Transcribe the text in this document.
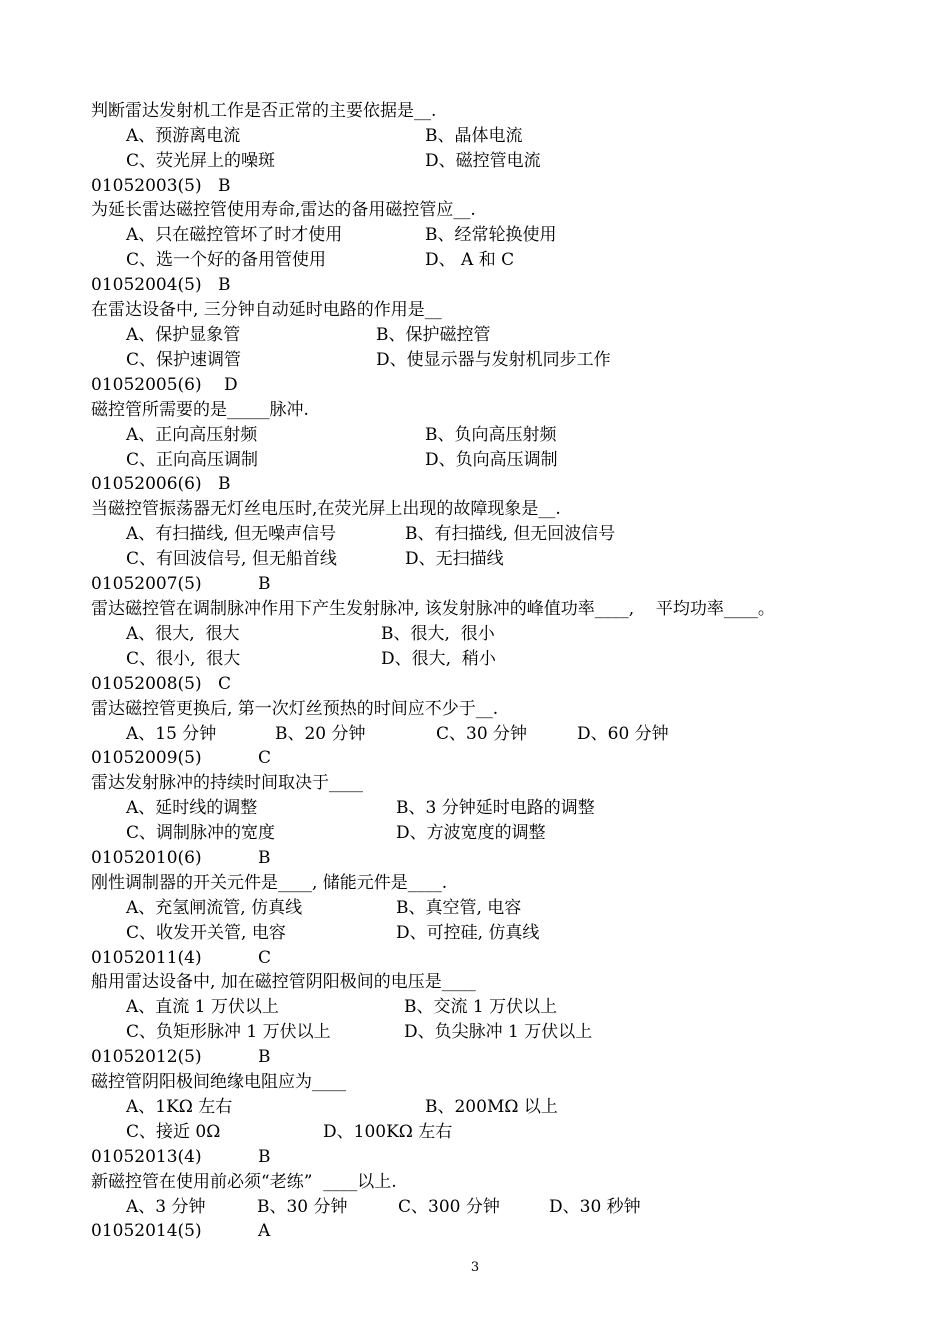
判断雷达发射机工作是否正常的主要依据是__.
A、预游离电流	B、晶体电流
C、荧光屏上的噪斑	D、磁控管电流
01052003(5) B
为延长雷达磁控管使用寿命,雷达的备用磁控管应__.
A、只在磁控管坏了时才使用	B、经常轮换使用
C、选一个好的备用管使用	D、 A 和 C
01052004(5) B
在雷达设备中, 三分钟自动延时电路的作用是__
A、保护显象管	B、保护磁控管
C、保护速调管	D、使显示器与发射机同步工作
01052005(6) D
磁控管所需要的是_____脉冲.
A、正向高压射频	B、负向高压射频
C、正向高压调制	D、负向高压调制
01052006(6) B
当磁控管振荡器无灯丝电压时,在荧光屏上出现的故障现象是__.
A、有扫描线, 但无噪声信号	B、有扫描线, 但无回波信号
C、有回波信号, 但无船首线	D、无扫描线
01052007(5)	B
雷达磁控管在调制脉冲作用下产生发射脉冲, 该发射脉冲的峰值功率____,    平均功率____。
A、很大,  很大	B、很大,  很小
C、很小,  很大	D、很大,  稍小
01052008(5) C
雷达磁控管更换后, 第一次灯丝预热的时间应不少于__.
A、15 分钟	B、20 分钟	C、30 分钟	D、60 分钟
01052009(5)	C
雷达发射脉冲的持续时间取决于____
A、延时线的调整	B、3 分钟延时电路的调整
C、调制脉冲的宽度	D、方波宽度的调整
01052010(6)	B
刚性调制器的开关元件是____, 储能元件是____.
A、充氢闸流管, 仿真线	B、真空管, 电容
C、收发开关管, 电容	D、可控硅, 仿真线
01052011(4)	C
船用雷达设备中, 加在磁控管阴阳极间的电压是____
A、直流 1 万伏以上	B、交流 1 万伏以上
C、负矩形脉冲 1 万伏以上	D、负尖脉冲 1 万伏以上
01052012(5)	B
磁控管阴阳极间绝缘电阻应为____
A、1KΩ 左右	B、200MΩ 以上
C、接近 0Ω	D、100KΩ 左右
01052013(4)	B
新磁控管在使用前必须“老练”  ____以上.
A、3 分钟	B、30 分钟	C、300 分钟	D、30 秒钟
01052014(5)	A
3
